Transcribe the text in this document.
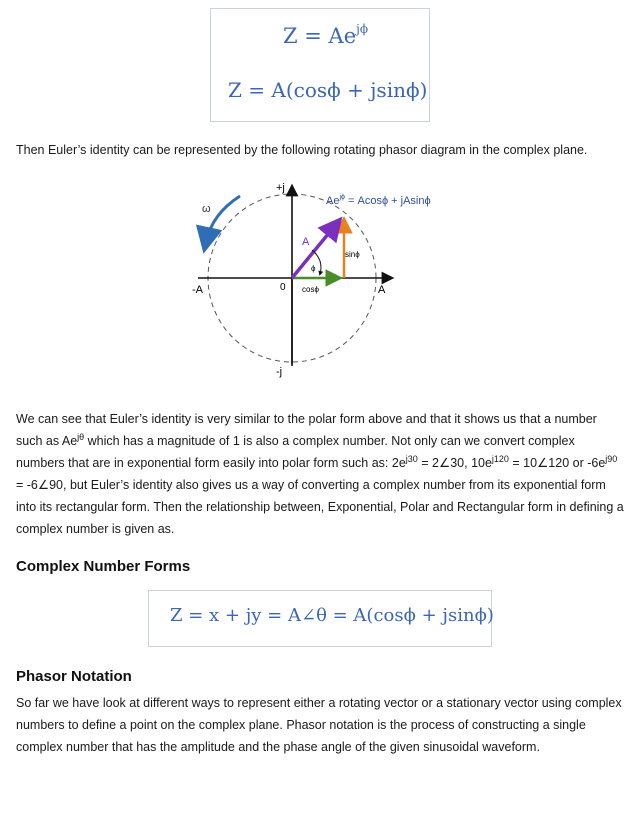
$Z = Ae^{j\phi}$
Z = A(cosϕ + jsinϕ)

Then Euler’s identity can be represented by the following rotating phasor diagram in the complex plane.

+j
-j
-A	A
0
ω
A
ϕ
cosϕ
sinϕ
$Ae^{j\phi} = Acos\phi + jAsin\phi$

We can see that Euler’s identity is very similar to the polar form above and that it shows us that a number such as $Ae^{j\theta}$ which has a magnitude of 1 is also a complex number. Not only can we convert complex numbers that are in exponential form easily into polar form such as: $2e^{j30}$ = 2∠30, $10e^{j120}$ = 10∠120 or $-6e^{j90}$ = -6∠90, but Euler’s identity also gives us a way of converting a complex number from its exponential form into its rectangular form. Then the relationship between, Exponential, Polar and Rectangular form in defining a complex number is given as.

Complex Number Forms
Z = x + jy = A∠θ = A(cosϕ + jsinϕ)
Phasor Notation

So far we have look at different ways to represent either a rotating vector or a stationary vector using complex numbers to define a point on the complex plane. Phasor notation is the process of constructing a single complex number that has the amplitude and the phase angle of the given sinusoidal waveform.
